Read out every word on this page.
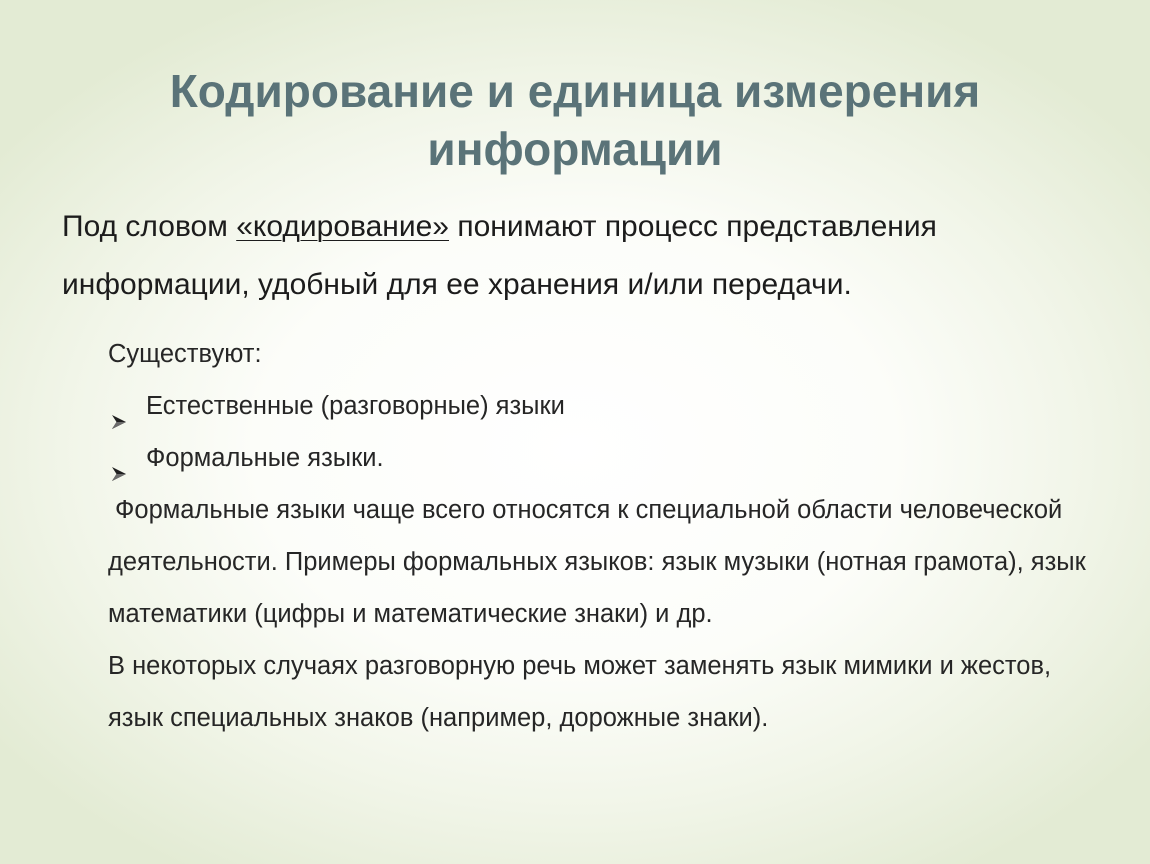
Кодирование и единица измерения
информации

Под словом «кодирование» понимают процесс представления информации, удобный для ее хранения и/или передачи.

Существуют:

Естественные (разговорные) языки

Формальные языки.

Формальные языки чаще всего относятся к специальной области человеческой деятельности. Примеры формальных языков: язык музыки (нотная грамота), язык математики (цифры и математические знаки) и др.

В некоторых случаях разговорную речь может заменять язык мимики и жестов, язык специальных знаков (например, дорожные знаки).
